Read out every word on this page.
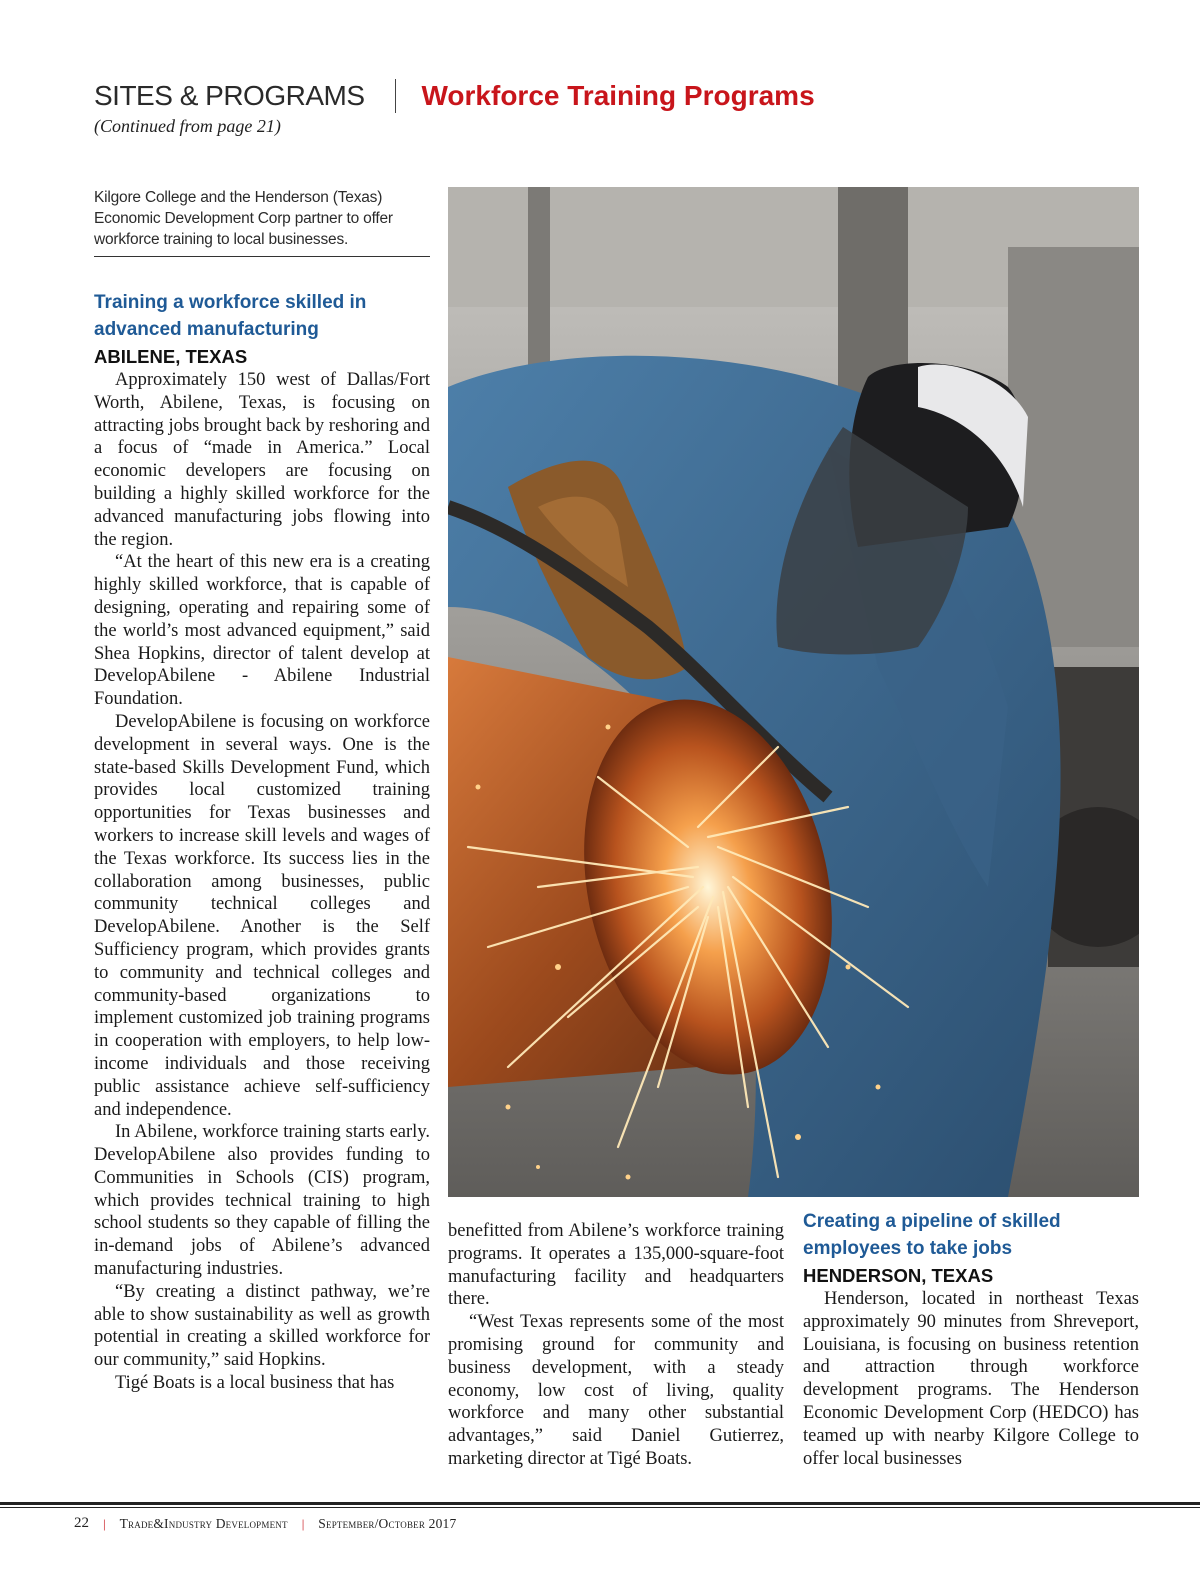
SITES & PROGRAMS Workforce Training Programs
(Continued from page 21)
Kilgore College and the Henderson (Texas) Economic Development Corp partner to offer workforce training to local businesses.
Training a workforce skilled in advanced manufacturing
ABILENE, TEXAS

Approximately 150 west of Dallas/Fort Worth, Abilene, Texas, is focusing on attracting jobs brought back by reshoring and a focus of “made in America.” Local economic developers are focusing on building a highly skilled workforce for the advanced manufacturing jobs flowing into the region.

“At the heart of this new era is a creating highly skilled workforce, that is capable of designing, operating and repairing some of the world’s most advanced equipment,” said Shea Hopkins, director of talent develop at DevelopAbilene - Abilene Industrial Foundation.

DevelopAbilene is focusing on workforce development in several ways. One is the state-based Skills Development Fund, which provides local customized training opportunities for Texas businesses and workers to increase skill levels and wages of the Texas workforce. Its success lies in the collaboration among businesses, public community technical colleges and DevelopAbilene. Another is the Self Sufficiency program, which provides grants to community and technical colleges and community-based organizations to implement customized job training programs in cooperation with employers, to help low-income individuals and those receiving public assistance achieve self-sufficiency and independence.

In Abilene, workforce training starts early. DevelopAbilene also provides funding to Communities in Schools (CIS) program, which provides technical training to high school students so they capable of filling the in-demand jobs of Abilene’s advanced manufacturing industries.

“By creating a distinct pathway, we’re able to show sustainability as well as growth potential in creating a skilled workforce for our community,” said Hopkins.

Tigé Boats is a local business that has

benefitted from Abilene’s workforce training programs. It operates a 135,000-square-foot manufacturing facility and headquarters there.

“West Texas represents some of the most promising ground for community and business development, with a steady economy, low cost of living, quality workforce and many other substantial advantages,” said Daniel Gutierrez, marketing director at Tigé Boats.

Creating a pipeline of skilled employees to take jobs
HENDERSON, TEXAS

Henderson, located in northeast Texas approximately 90 minutes from Shreveport, Louisiana, is focusing on business retention and attraction through workforce development programs. The Henderson Economic Development Corp (HEDCO) has teamed up with nearby Kilgore College to offer local businesses

22 | Trade&Industry Development | September/October 2017
